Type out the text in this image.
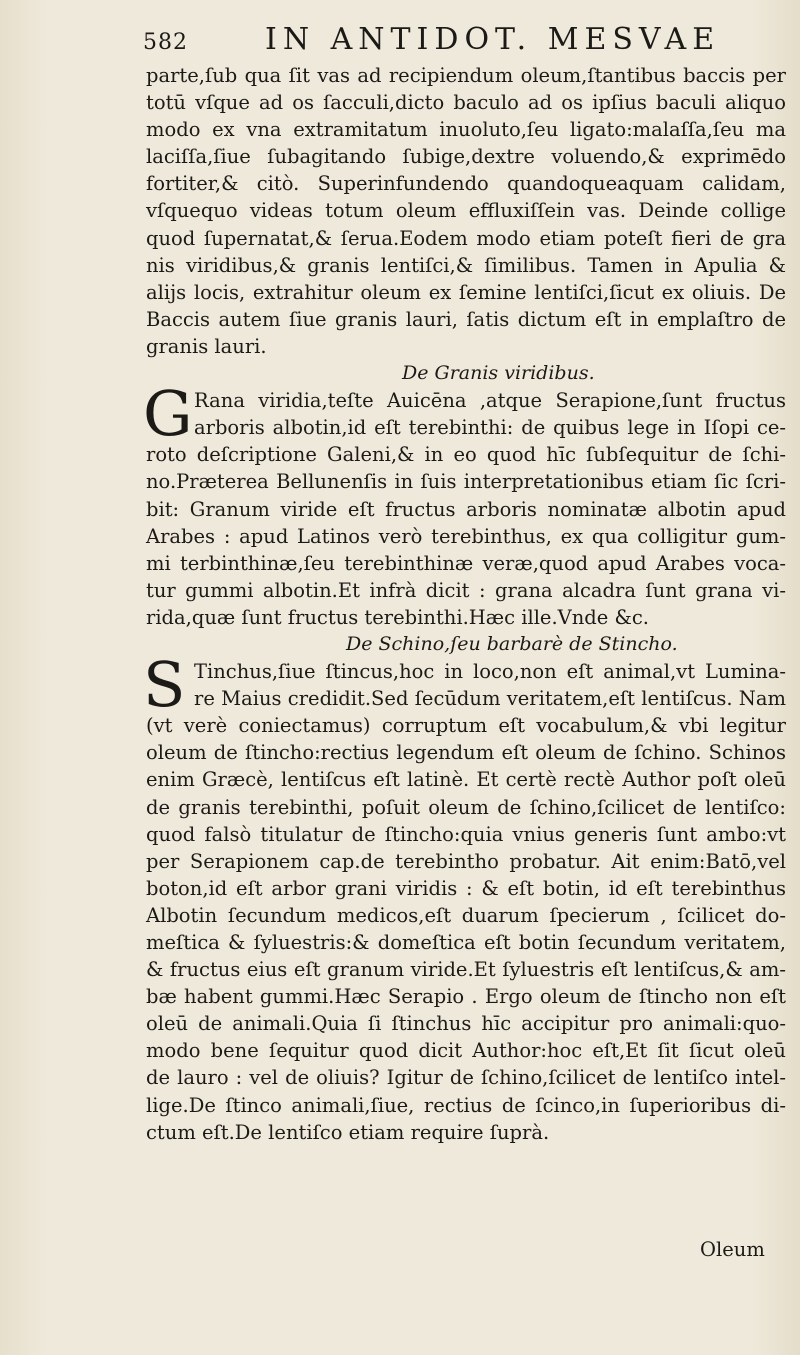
582	IN ANTIDOT. MESVAE
parte,ſub qua ſit vas ad recipiendum oleum,ſtantibus baccis per
totū vſque ad os ſacculi,dicto baculo ad os ipſius baculi aliquo
modo ex vna extramitatum inuoluto,ſeu ligato:malaſſa,ſeu ma
laciſſa,ſiue ſubagitando ſubige,dextre voluendo,& exprimēdo
fortiter,& citò. Superinfundendo quandoqueaquam calidam,
vſquequo videas totum oleum effluxiſſein vas. Deinde collige
quod ſupernatat,& ſerua.Eodem modo etiam poteſt fieri de gra
nis viridibus,& granis lentiſci,& ſimilibus. Tamen in Apulia &
alijs locis, extrahitur oleum ex ſemine lentiſci,ſicut ex oliuis. De
Baccis autem ſiue granis lauri, ſatis dictum eſt in emplaſtro de
granis lauri.
De Granis viridibus.
G Rana viridia,teſte Auicēna ,atque Serapione,ſunt fructus
arboris albotin,id eſt terebinthi: de quibus lege in Iſopi ce-
roto deſcriptione Galeni,& in eo quod hīc ſubſequitur de ſchi-
no.Præterea Bellunenſis in ſuis interpretationibus etiam ſic ſcri-
bit: Granum viride eſt fructus arboris nominatæ albotin apud
Arabes : apud Latinos verò terebinthus, ex qua colligitur gum-
mi terbinthinæ,ſeu terebinthinæ veræ,quod apud Arabes voca-
tur gummi albotin.Et infrà dicit : grana alcadra ſunt grana vi-
rida,quæ ſunt fructus terebinthi.Hæc ille.Vnde &c.
De Schino,ſeu barbarè de Stincho.
S Tinchus,ſiue ſtincus,hoc in loco,non eſt animal,vt Lumina-
re Maius credidit.Sed ſecūdum veritatem,eſt lentiſcus. Nam
(vt verè coniectamus) corruptum eſt vocabulum,& vbi legitur
oleum de ſtincho:rectius legendum eſt oleum de ſchino. Schinos
enim Græcè, lentiſcus eſt latinè. Et certè rectè Author poſt oleū
de granis terebinthi, poſuit oleum de ſchino,ſcilicet de lentiſco:
quod falsò titulatur de ſtincho:quia vnius generis ſunt ambo:vt
per Serapionem cap.de terebintho probatur. Ait enim:Batō,vel
boton,id eſt arbor grani viridis : & eſt botin, id eſt terebinthus
Albotin ſecundum medicos,eſt duarum ſpecierum , ſcilicet do-
meſtica & ſyluestris:& domeſtica eſt botin ſecundum veritatem,
& fructus eius eſt granum viride.Et ſyluestris eſt lentiſcus,& am-
bæ habent gummi.Hæc Serapio . Ergo oleum de ſtincho non eſt
oleū de animali.Quia ſi ſtinchus hīc accipitur pro animali:quo-
modo bene ſequitur quod dicit Author:hoc eſt,Et ſit ſicut oleū
de lauro : vel de oliuis? Igitur de ſchino,ſcilicet de lentiſco intel-
lige.De ſtinco animali,ſiue, rectius de ſcinco,in ſuperioribus di-
ctum eſt.De lentiſco etiam require ſuprà.
Oleum
